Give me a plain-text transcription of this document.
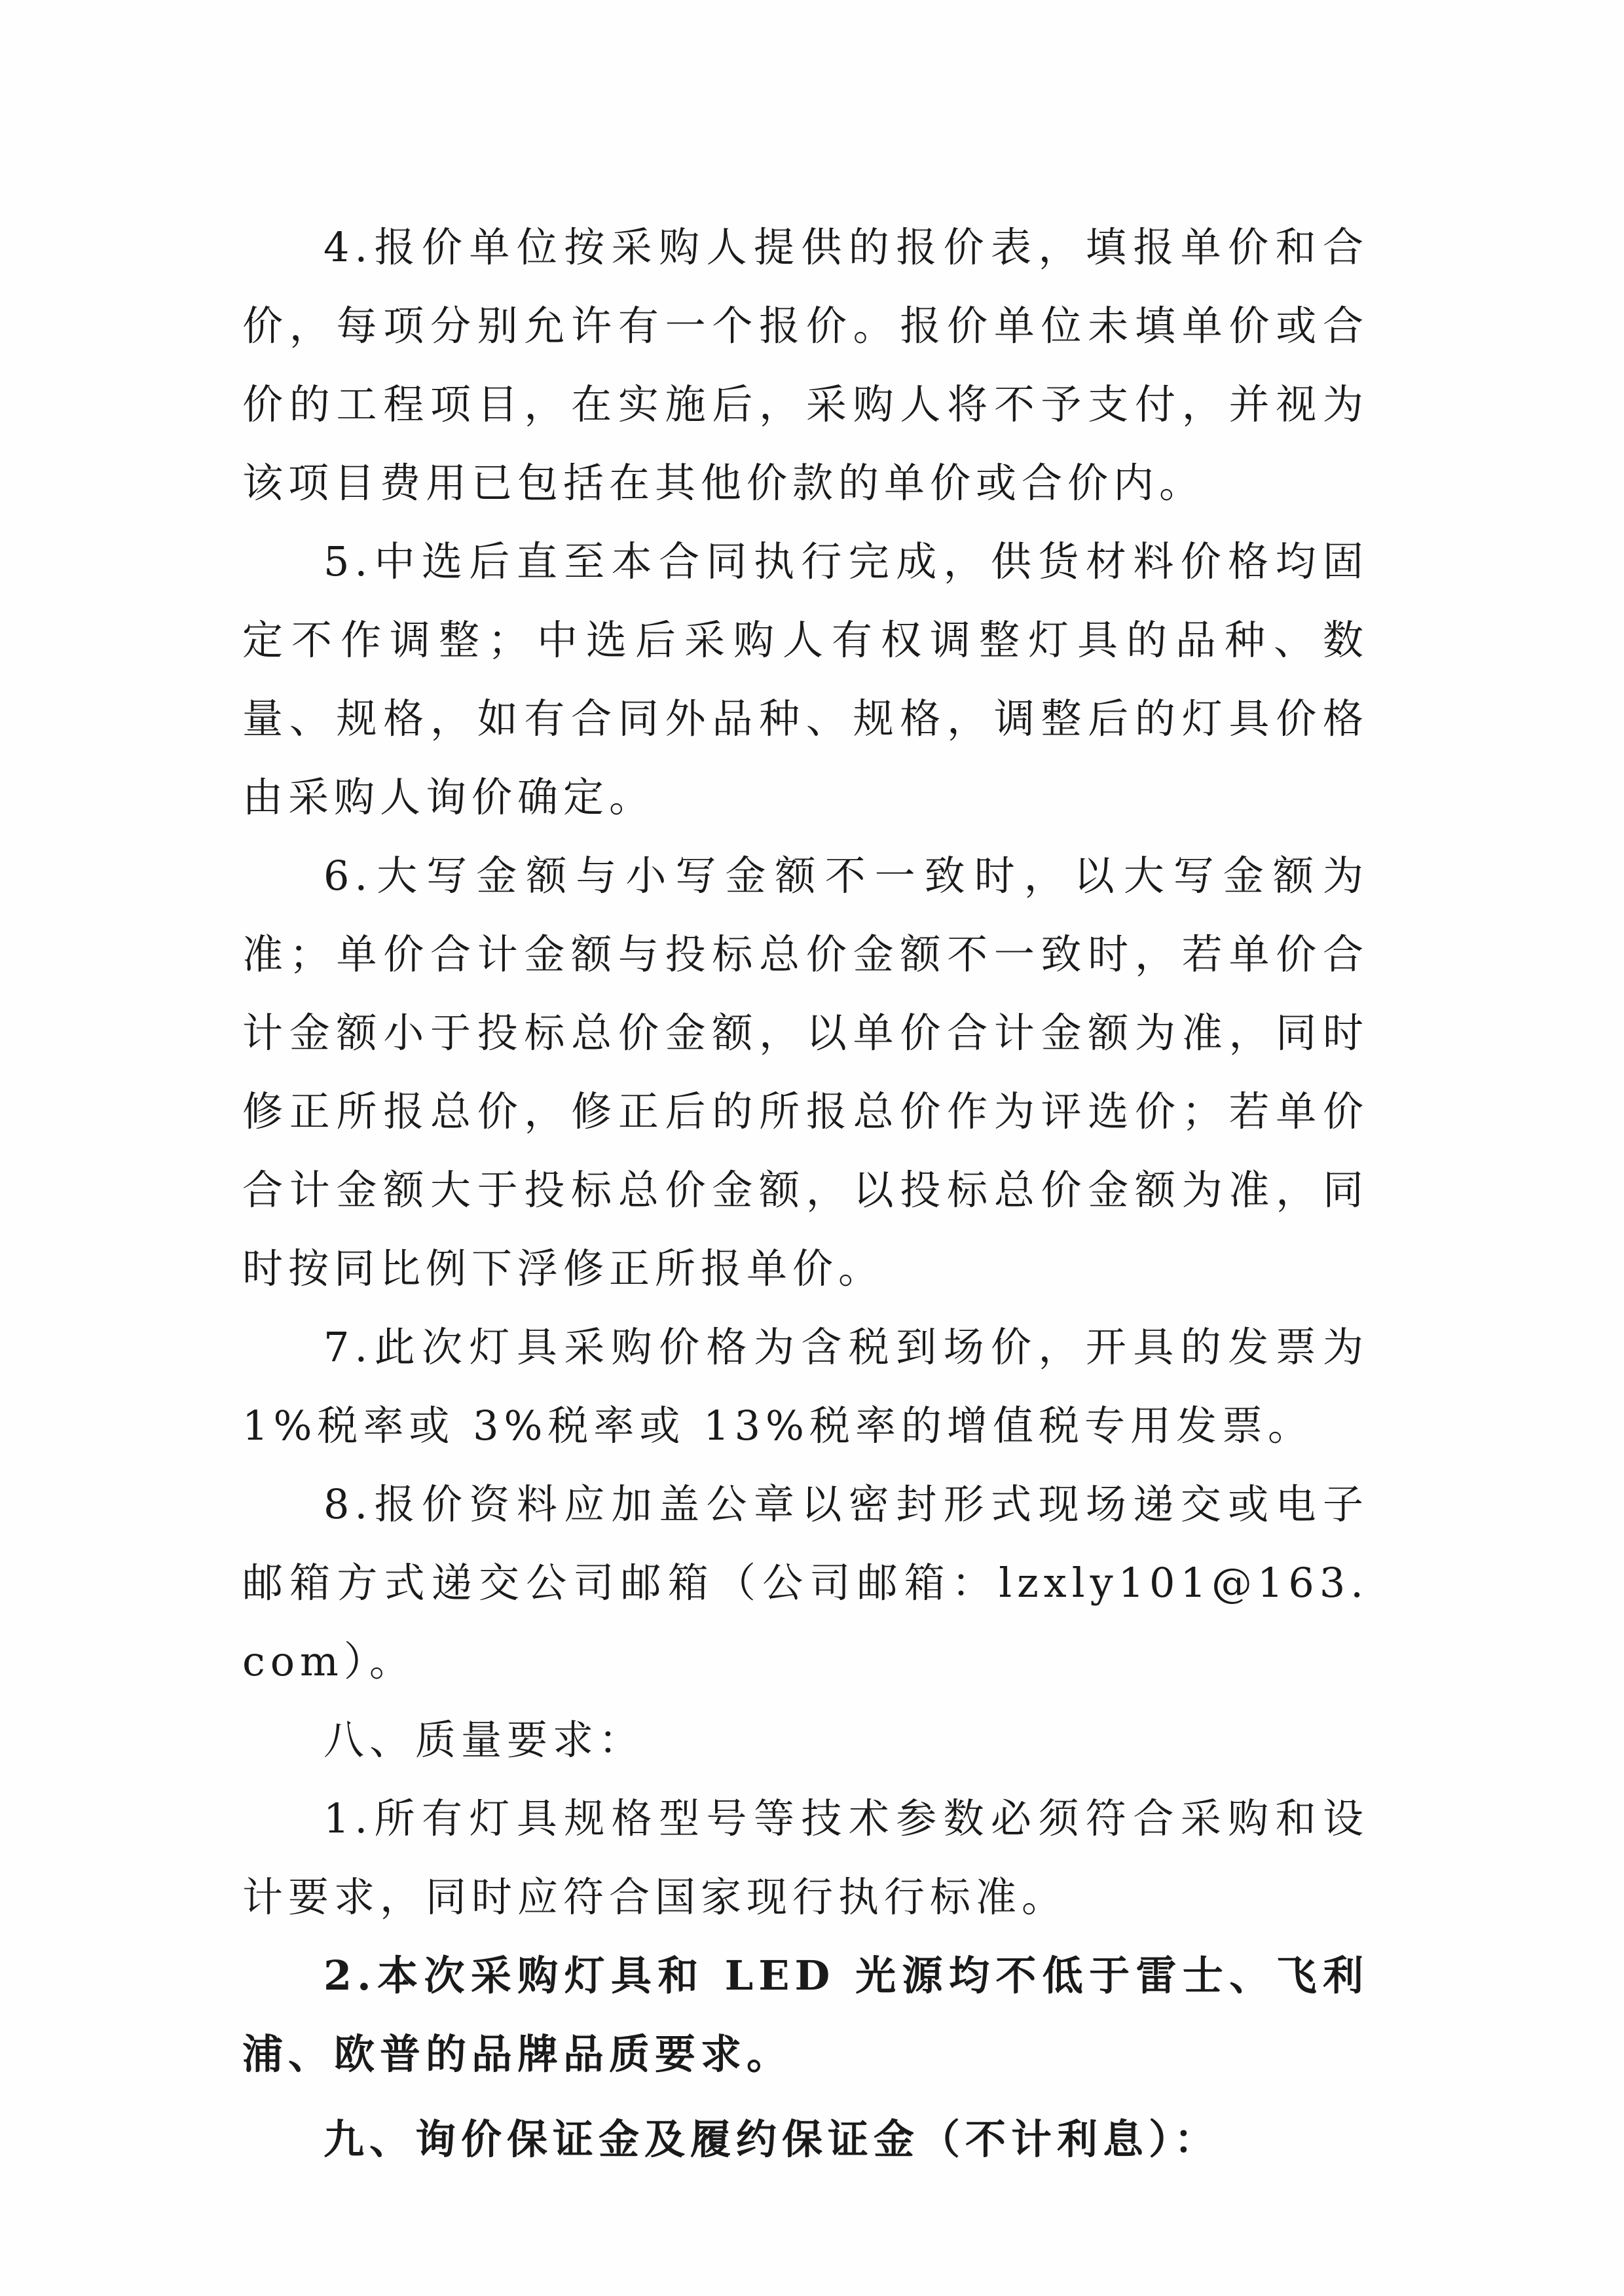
4.报价单位按采购人提供的报价表，填报单价和合价，每项分别允许有一个报价。报价单位未填单价或合价的工程项目，在实施后，采购人将不予支付，并视为该项目费用已包括在其他价款的单价或合价内。

5.中选后直至本合同执行完成，供货材料价格均固定不作调整；中选后采购人有权调整灯具的品种、数量、规格，如有合同外品种、规格，调整后的灯具价格由采购人询价确定。

6.大写金额与小写金额不一致时，以大写金额为准；单价合计金额与投标总价金额不一致时，若单价合计金额小于投标总价金额，以单价合计金额为准，同时修正所报总价，修正后的所报总价作为评选价；若单价合计金额大于投标总价金额，以投标总价金额为准，同时按同比例下浮修正所报单价。

7.此次灯具采购价格为含税到场价，开具的发票为 1%税率或 3%税率或 13%税率的增值税专用发票。

8.报价资料应加盖公章以密封形式现场递交或电子邮箱方式递交公司邮箱（公司邮箱：lzxly101@163.com）。

八、质量要求：

1.所有灯具规格型号等技术参数必须符合采购和设计要求，同时应符合国家现行执行标准。

2.本次采购灯具和 LED 光源均不低于雷士、飞利浦、欧普的品牌品质要求。

九、询价保证金及履约保证金（不计利息）：
